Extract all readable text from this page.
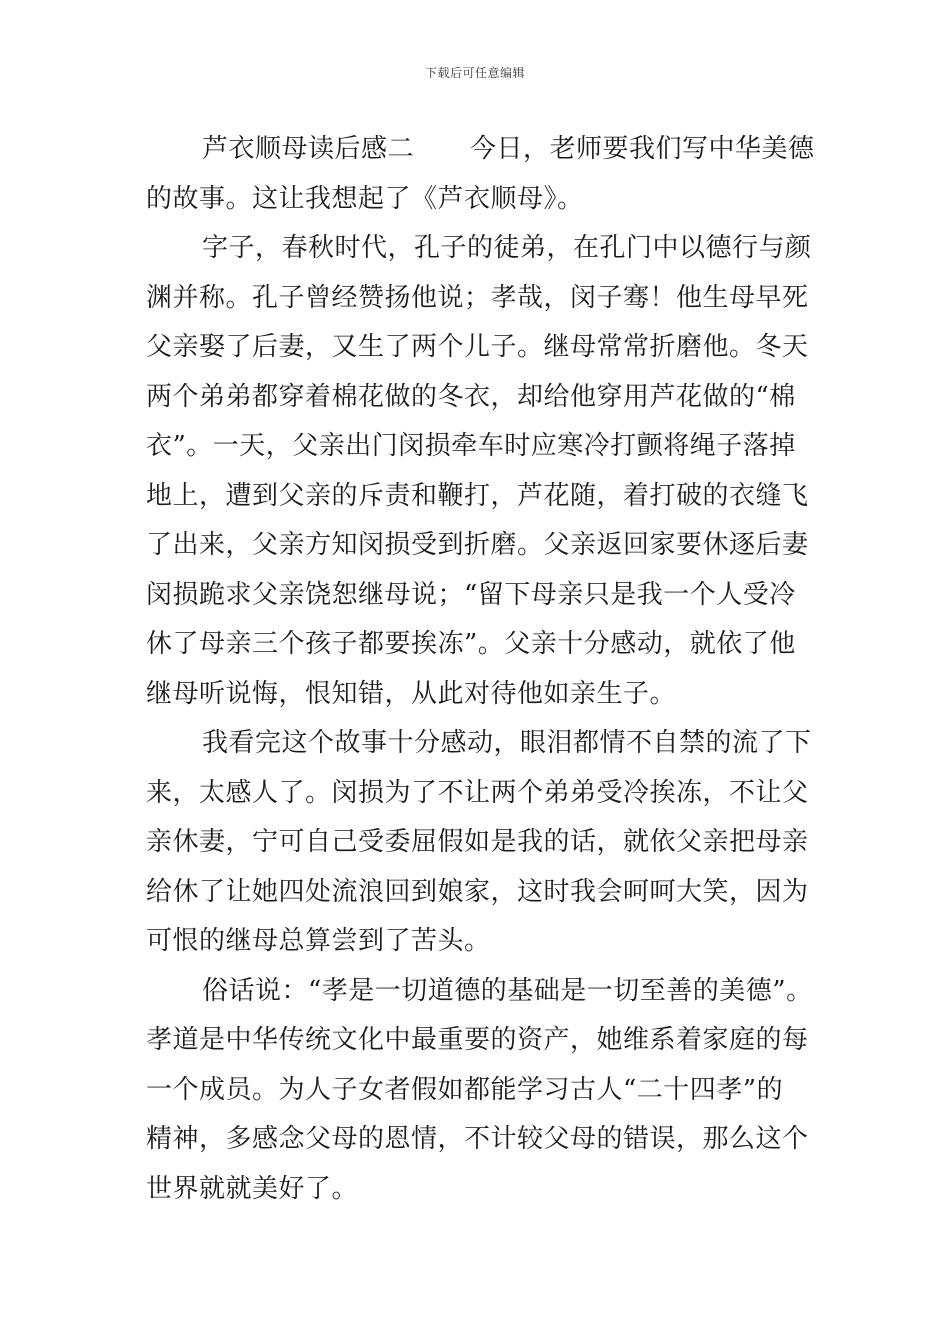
下载后可任意编辑

芦衣顺母读后感二 今日，老师要我们写中华美德
的故事。这让我想起了《芦衣顺母》。

字子，春秋时代，孔子的徒弟，在孔门中以德行与颜
渊并称。孔子曾经赞扬他说；孝哉，闵子骞！他生母早死
父亲娶了后妻，又生了两个儿子。继母常常折磨他。冬天
两个弟弟都穿着棉花做的冬衣，却给他穿用芦花做的“棉
衣”。一天，父亲出门闵损牵车时应寒冷打颤将绳子落掉
地上，遭到父亲的斥责和鞭打，芦花随，着打破的衣缝飞
了出来，父亲方知闵损受到折磨。父亲返回家要休逐后妻
闵损跪求父亲饶恕继母说；“留下母亲只是我一个人受冷
休了母亲三个孩子都要挨冻”。父亲十分感动，就依了他
继母听说悔，恨知错，从此对待他如亲生子。

我看完这个故事十分感动，眼泪都情不自禁的流了下
来，太感人了。闵损为了不让两个弟弟受冷挨冻，不让父
亲休妻，宁可自己受委屈假如是我的话，就依父亲把母亲
给休了让她四处流浪回到娘家，这时我会呵呵大笑，因为
可恨的继母总算尝到了苦头。

俗话说：“孝是一切道德的基础是一切至善的美德”。
孝道是中华传统文化中最重要的资产，她维系着家庭的每
一个成员。为人子女者假如都能学习古人“二十四孝”的
精神，多感念父母的恩情，不计较父母的错误，那么这个
世界就就美好了。
